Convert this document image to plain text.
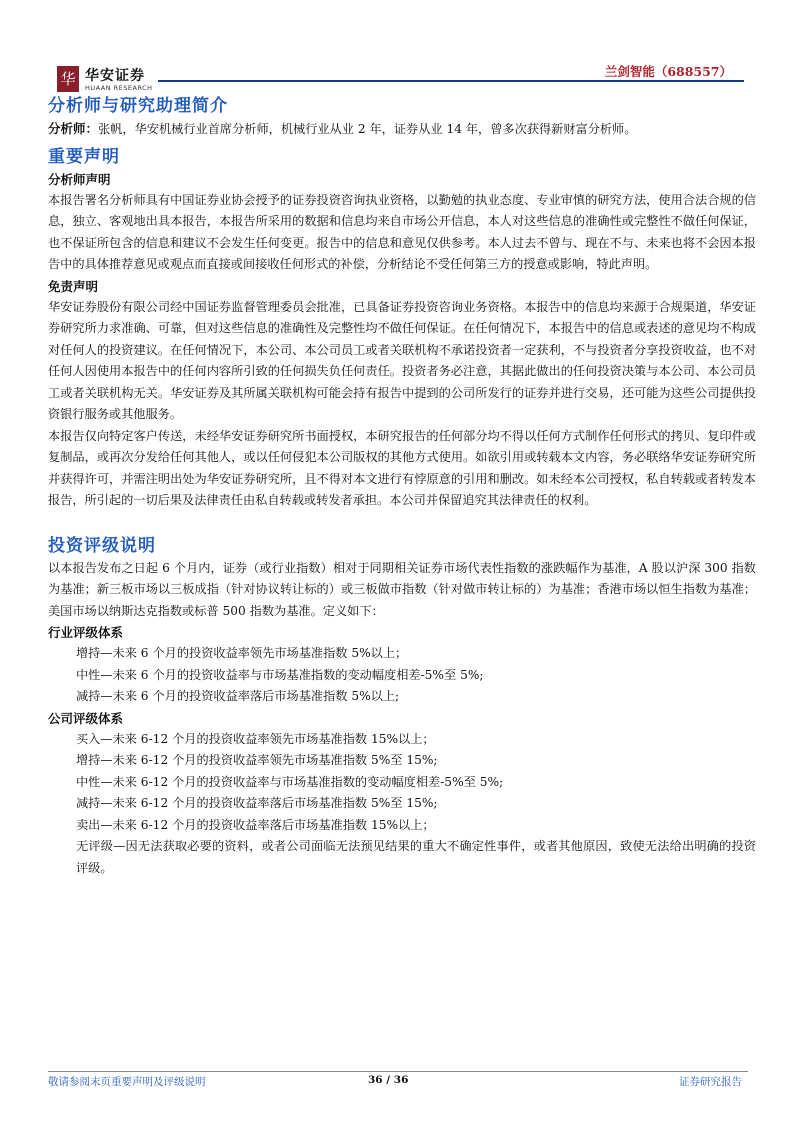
华 华安证券
HUAAN RESEARCH
兰剑智能（688557）
分析师与研究助理简介

分析师：张帆，华安机械行业首席分析师，机械行业从业 2 年，证券从业 14 年，曾多次获得新财富分析师。

重要声明
分析师声明

本报告署名分析师具有中国证券业协会授予的证券投资咨询执业资格，以勤勉的执业态度、专业审慎的研究方法，使用合法合规的信息，独立、客观地出具本报告，本报告所采用的数据和信息均来自市场公开信息，本人对这些信息的准确性或完整性不做任何保证，也不保证所包含的信息和建议不会发生任何变更。报告中的信息和意见仅供参考。本人过去不曾与、现在不与、未来也将不会因本报告中的具体推荐意见或观点而直接或间接收任何形式的补偿，分析结论不受任何第三方的授意或影响，特此声明。

免责声明

华安证券股份有限公司经中国证券监督管理委员会批准，已具备证券投资咨询业务资格。本报告中的信息均来源于合规渠道，华安证券研究所力求准确、可靠，但对这些信息的准确性及完整性均不做任何保证。在任何情况下，本报告中的信息或表述的意见均不构成对任何人的投资建议。在任何情况下，本公司、本公司员工或者关联机构不承诺投资者一定获利，不与投资者分享投资收益，也不对任何人因使用本报告中的任何内容所引致的任何损失负任何责任。投资者务必注意，其据此做出的任何投资决策与本公司、本公司员工或者关联机构无关。华安证券及其所属关联机构可能会持有报告中提到的公司所发行的证券并进行交易，还可能为这些公司提供投资银行服务或其他服务。

本报告仅向特定客户传送，未经华安证券研究所书面授权，本研究报告的任何部分均不得以任何方式制作任何形式的拷贝、复印件或复制品，或再次分发给任何其他人，或以任何侵犯本公司版权的其他方式使用。如欲引用或转载本文内容，务必联络华安证券研究所并获得许可，并需注明出处为华安证券研究所，且不得对本文进行有悖原意的引用和删改。如未经本公司授权，私自转载或者转发本报告，所引起的一切后果及法律责任由私自转载或转发者承担。本公司并保留追究其法律责任的权利。

投资评级说明

以本报告发布之日起 6 个月内，证券（或行业指数）相对于同期相关证券市场代表性指数的涨跌幅作为基准，A 股以沪深 300 指数为基准；新三板市场以三板成指（针对协议转让标的）或三板做市指数（针对做市转让标的）为基准；香港市场以恒生指数为基准；美国市场以纳斯达克指数或标普 500 指数为基准。定义如下：

行业评级体系

增持—未来 6 个月的投资收益率领先市场基准指数 5%以上；

中性—未来 6 个月的投资收益率与市场基准指数的变动幅度相差-5%至 5%;

减持—未来 6 个月的投资收益率落后市场基准指数 5%以上;

公司评级体系

买入—未来 6-12 个月的投资收益率领先市场基准指数 15%以上；

增持—未来 6-12 个月的投资收益率领先市场基准指数 5%至 15%;

中性—未来 6-12 个月的投资收益率与市场基准指数的变动幅度相差-5%至 5%;

减持—未来 6-12 个月的投资收益率落后市场基准指数 5%至 15%;

卖出—未来 6-12 个月的投资收益率落后市场基准指数 15%以上；

无评级—因无法获取必要的资料，或者公司面临无法预见结果的重大不确定性事件，或者其他原因，致使无法给出明确的投资评级。

敬请参阅末页重要声明及评级说明	36 / 36	证券研究报告
